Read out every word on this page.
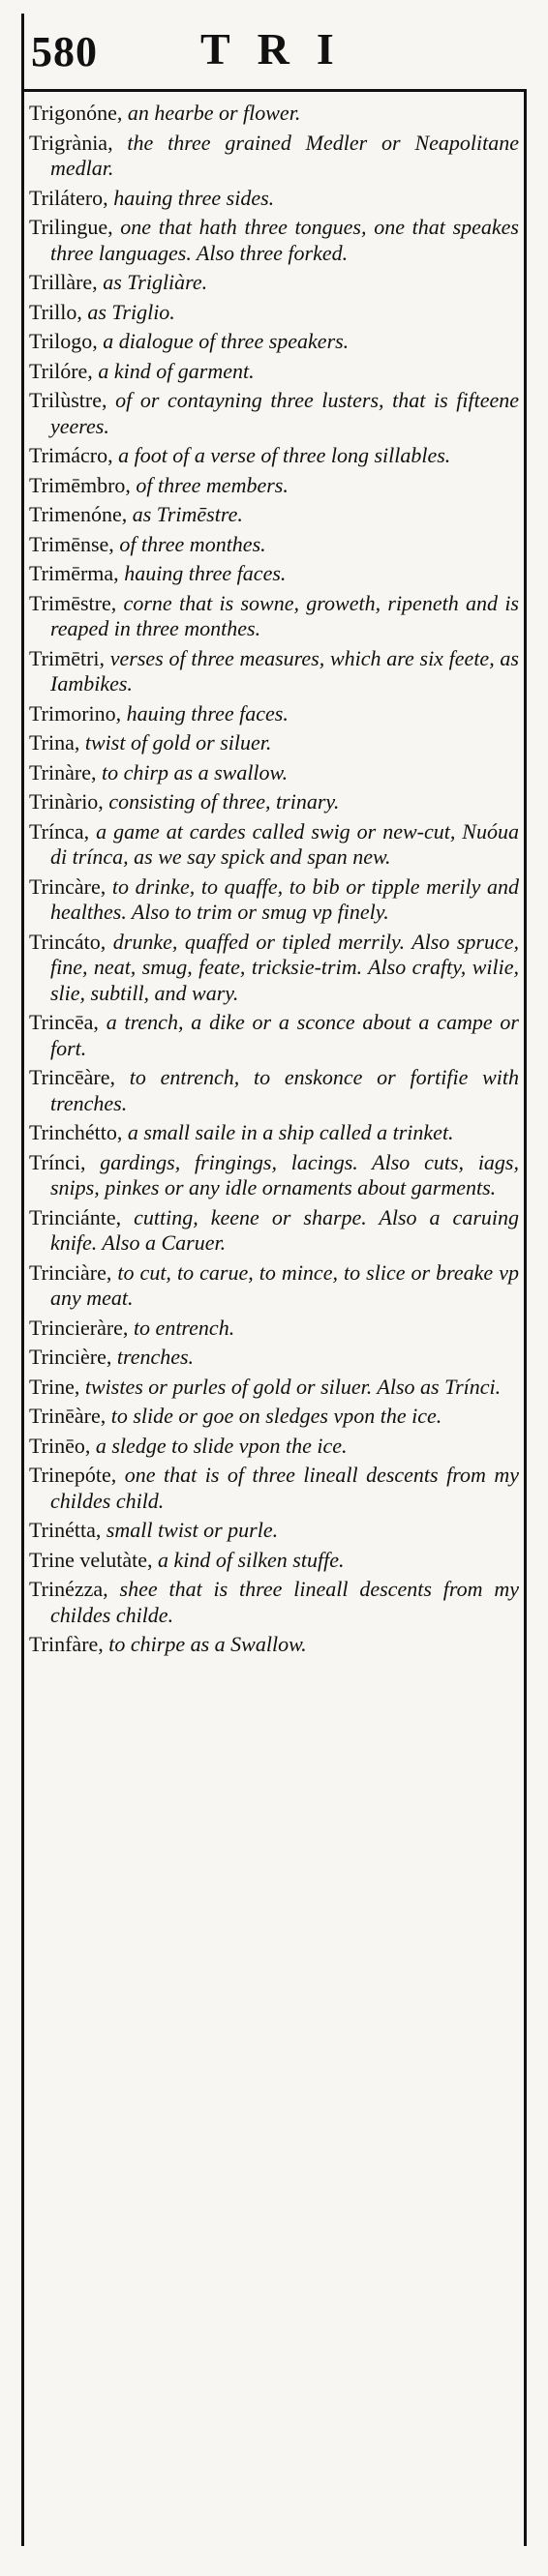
580 TRI

Trigonóne, an hearbe or flower.

Trigrània, the three grained Medler or Neapolitane medlar.

Trilátero, hauing three sides.

Trilingue, one that hath three tongues, one that speakes three languages. Also three forked.

Trillàre, as Trigliàre.

Trillo, as Triglio.

Trilogo, a dialogue of three speakers.

Trilóre, a kind of garment.

Trilùstre, of or contayning three lusters, that is fifteene yeeres.

Trimácro, a foot of a verse of three long sillables.

Trimēmbro, of three members.

Trimenóne, as Trimēstre.

Trimēnse, of three monthes.

Trimērma, hauing three faces.

Trimēstre, corne that is sowne, groweth, ripeneth and is reaped in three monthes.

Trimētri, verses of three measures, which are six feete, as Iambikes.

Trimorino, hauing three faces.

Trina, twist of gold or siluer.

Trinàre, to chirp as a swallow.

Trinàrio, consisting of three, trinary.

Trínca, a game at cardes called swig or new-cut, Nuóua di trínca, as we say spick and span new.

Trincàre, to drinke, to quaffe, to bib or tipple merily and healthes. Also to trim or smug vp finely.

Trincáto, drunke, quaffed or tipled merrily. Also spruce, fine, neat, smug, feate, tricksie-trim. Also crafty, wilie, slie, subtill, and wary.

Trincēa, a trench, a dike or a sconce about a campe or fort.

Trincēàre, to entrench, to enskonce or fortifie with trenches.

Trinchétto, a small saile in a ship called a trinket.

Trínci, gardings, fringings, lacings. Also cuts, iags, snips, pinkes or any idle ornaments about garments.

Trinciánte, cutting, keene or sharpe. Also a caruing knife. Also a Caruer.

Trinciàre, to cut, to carue, to mince, to slice or breake vp any meat.

Trincieràre, to entrench.

Trincière, trenches.

Trine, twistes or purles of gold or siluer. Also as Trínci.

Trinēàre, to slide or goe on sledges vpon the ice.

Trinēo, a sledge to slide vpon the ice.

Trinepóte, one that is of three lineall descents from my childes child.

Trinétta, small twist or purle.

Trine velutàte, a kind of silken stuffe.

Trinézza, shee that is three lineall descents from my childes childe.

Trinfàre, to chirpe as a Swallow.
